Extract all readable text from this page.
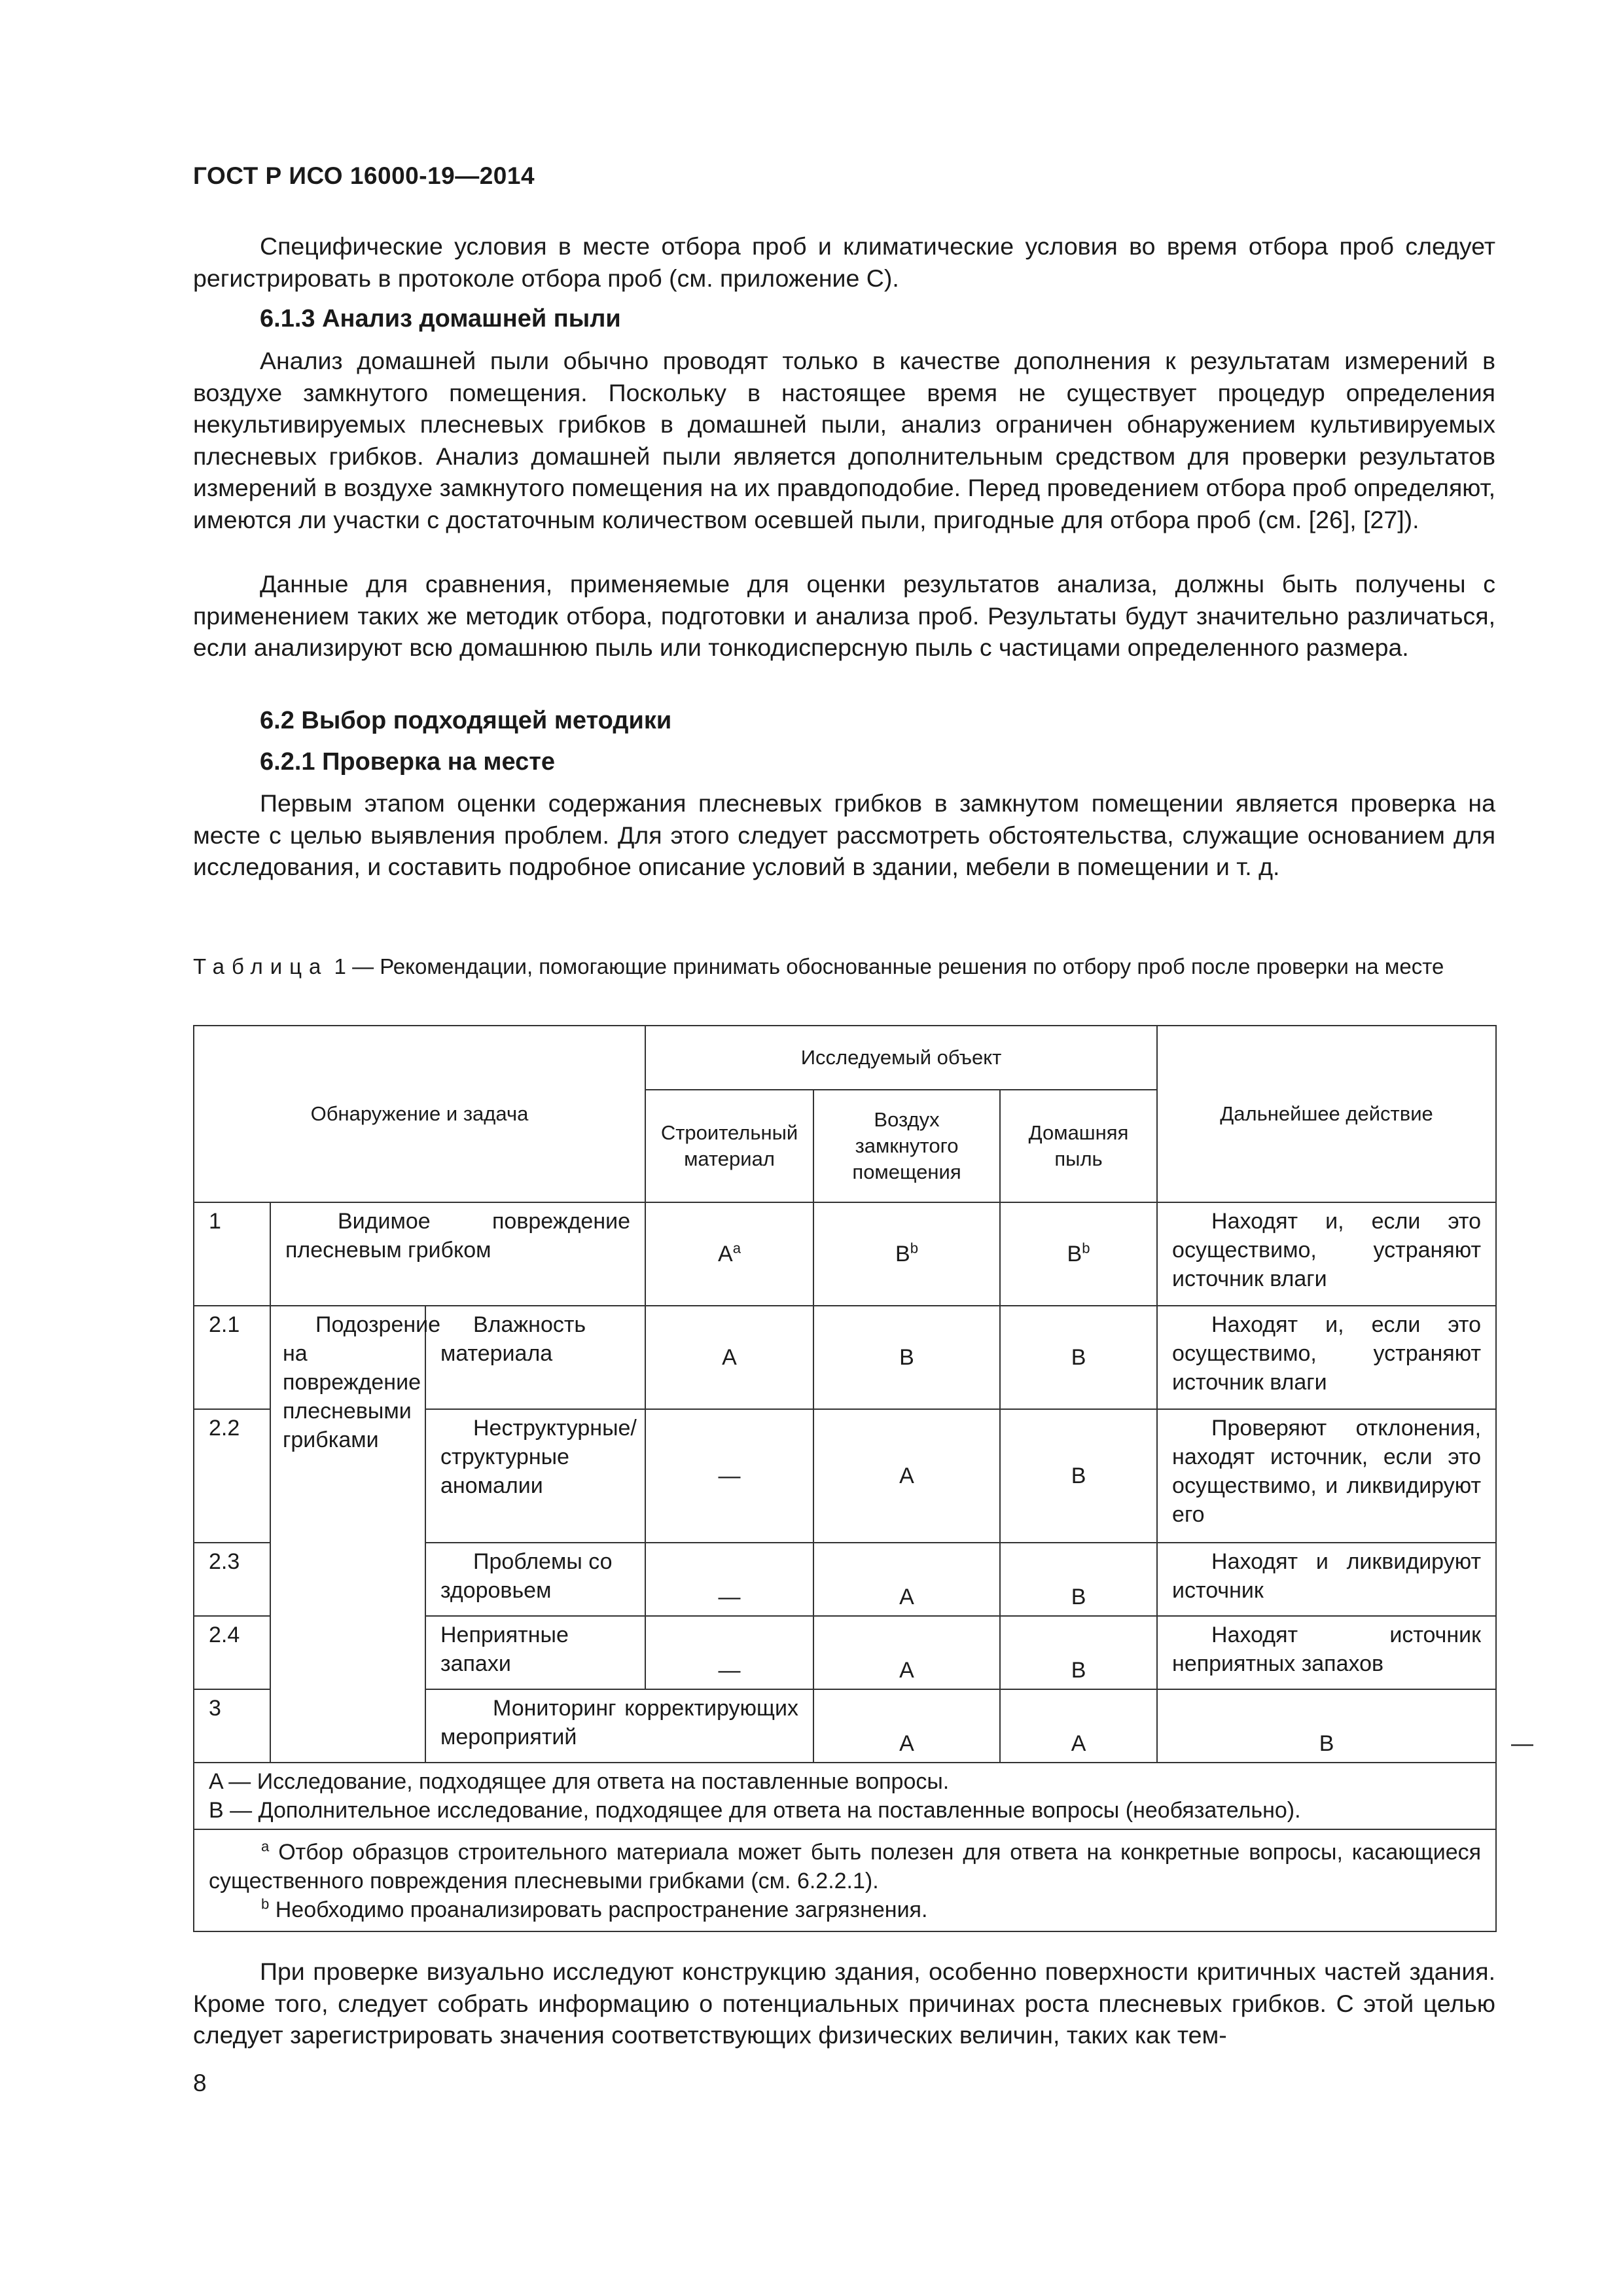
ГОСТ Р ИСО 16000-19—2014
Специфические условия в месте отбора проб и климатические условия во время отбора проб следует регистрировать в протоколе отбора проб (см. приложение С).
6.1.3 Анализ домашней пыли
Анализ домашней пыли обычно проводят только в качестве дополнения к результатам измерений в воздухе замкнутого помещения. Поскольку в настоящее время не существует процедур определения некультивируемых плесневых грибков в домашней пыли, анализ ограничен обнаружением культивируемых плесневых грибков. Анализ домашней пыли является дополнительным средством для проверки результатов измерений в воздухе замкнутого помещения на их правдоподобие. Перед проведением отбора проб определяют, имеются ли участки с достаточным количеством осевшей пыли, пригодные для отбора проб (см. [26], [27]).
Данные для сравнения, применяемые для оценки результатов анализа, должны быть получены с применением таких же методик отбора, подготовки и анализа проб. Результаты будут значительно различаться, если анализируют всю домашнюю пыль или тонкодисперсную пыль с частицами определенного размера.
6.2 Выбор подходящей методики
6.2.1 Проверка на месте
Первым этапом оценки содержания плесневых грибков в замкнутом помещении является проверка на месте с целью выявления проблем. Для этого следует рассмотреть обстоятельства, служащие основанием для исследования, и составить подробное описание условий в здании, мебели в помещении и т. д.
Таблица 1 — Рекомендации, помогающие принимать обоснованные решения по отбору проб после проверки на месте
Обнаружение и задача			Исследуемый объект			Дальнейшее действие	
			Строительный материал	Воздух замкнутого помещения	Домашняя пыль		
1	Видимое повреждение плесневым грибком		$A^a$	$B^b$	$B^b$	Находят и, если это осуществимо, устраняют источник влаги	
2.1	Подозрение на повреждение плесневыми грибками	Влажность материала	A	B	B	Находят и, если это осуществимо, устраняют источник влаги	
2.2		Неструктурные/структурные аномалии	—	A	B	Проверяют отклонения, находят источник, если это осуществимо, и ликвидируют его	
2.3		Проблемы со здоровьем	—	A	B	Находят и ликвидируют источник	
2.4		Неприятные запахи	—	A	B	Находят источник неприятных запахов	
3		Мониторинг корректирующих мероприятий		A	A	B	—

A — Исследование, подходящее для ответа на поставленные вопросы.

B — Дополнительное исследование, подходящее для ответа на поставленные вопросы (необязательно).							

$^a$ Отбор образцов строительного материала может быть полезен для ответа на конкретные вопросы, касающиеся существенного повреждения плесневыми грибками (см. 6.2.2.1).

$^b$ Необходимо проанализировать распространение загрязнения.							

При проверке визуально исследуют конструкцию здания, особенно поверхности критичных частей здания. Кроме того, следует собрать информацию о потенциальных причинах роста плесневых грибков. С этой целью следует зарегистрировать значения соответствующих физических величин, таких как тем-
8
